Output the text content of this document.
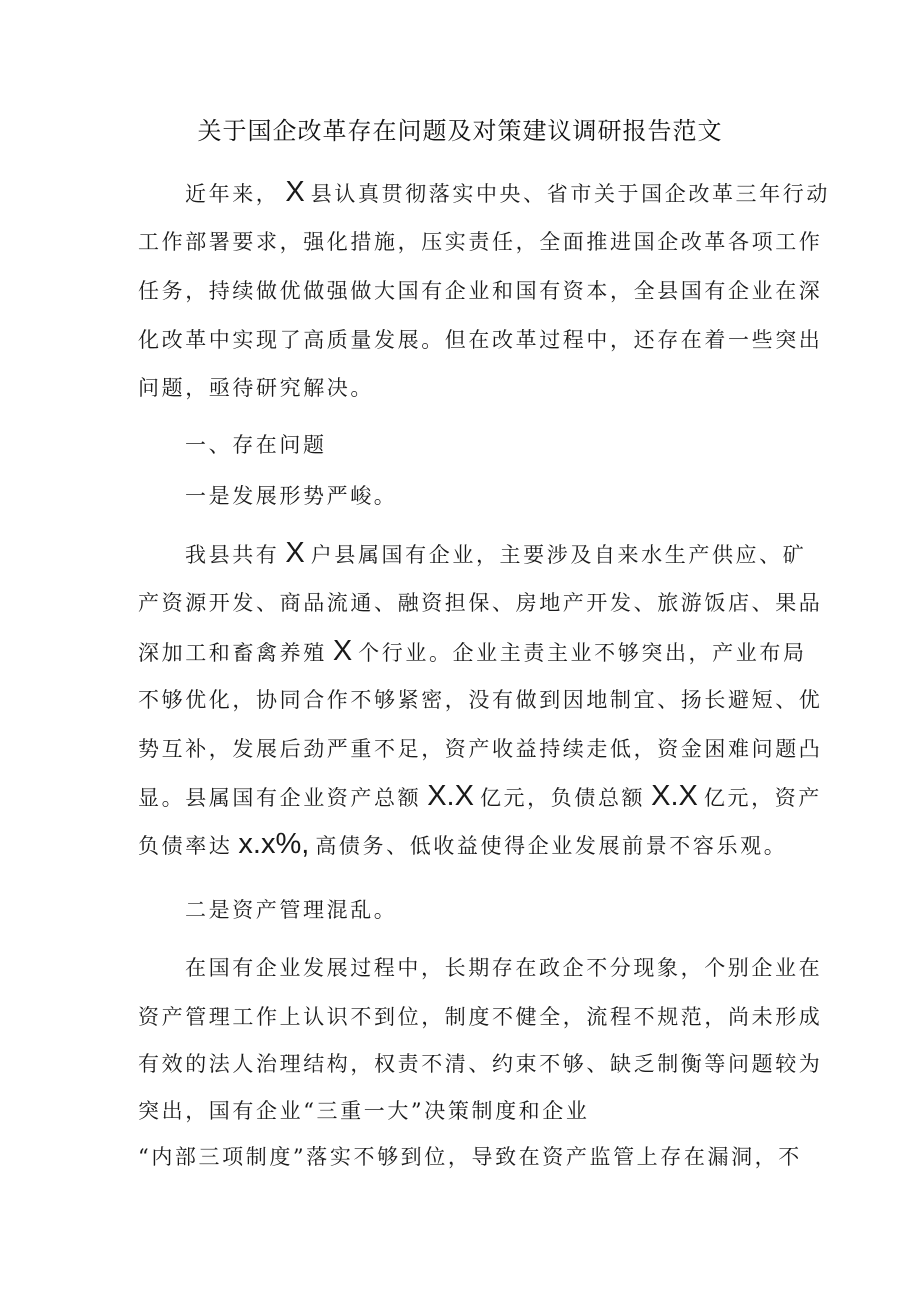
关于国企改革存在问题及对策建议调研报告范文
近年来， X 县认真贯彻落实中央、省市关于国企改革三年行动
工作部署要求，强化措施，压实责任，全面推进国企改革各项工作
任务，持续做优做强做大国有企业和国有资本，全县国有企业在深
化改革中实现了高质量发展。但在改革过程中，还存在着一些突出
问题，亟待研究解决。
一、存在问题
一是发展形势严峻。
我县共有 X 户县属国有企业，主要涉及自来水生产供应、矿
产资源开发、商品流通、融资担保、房地产开发、旅游饭店、果品
深加工和畜禽养殖 X 个行业。企业主责主业不够突出，产业布局
不够优化，协同合作不够紧密，没有做到因地制宜、扬长避短、优
势互补，发展后劲严重不足，资产收益持续走低，资金困难问题凸
显。县属国有企业资产总额 X.X 亿元，负债总额 X.X 亿元，资产
负债率达 x.x%, 高债务、低收益使得企业发展前景不容乐观。
二是资产管理混乱。
在国有企业发展过程中，长期存在政企不分现象，个别企业在
资产管理工作上认识不到位，制度不健全，流程不规范，尚未形成
有效的法人治理结构，权责不清、约束不够、缺乏制衡等问题较为
突出，国有企业“三重一大”决策制度和企业
“内部三项制度”落实不够到位，导致在资产监管上存在漏洞，不
